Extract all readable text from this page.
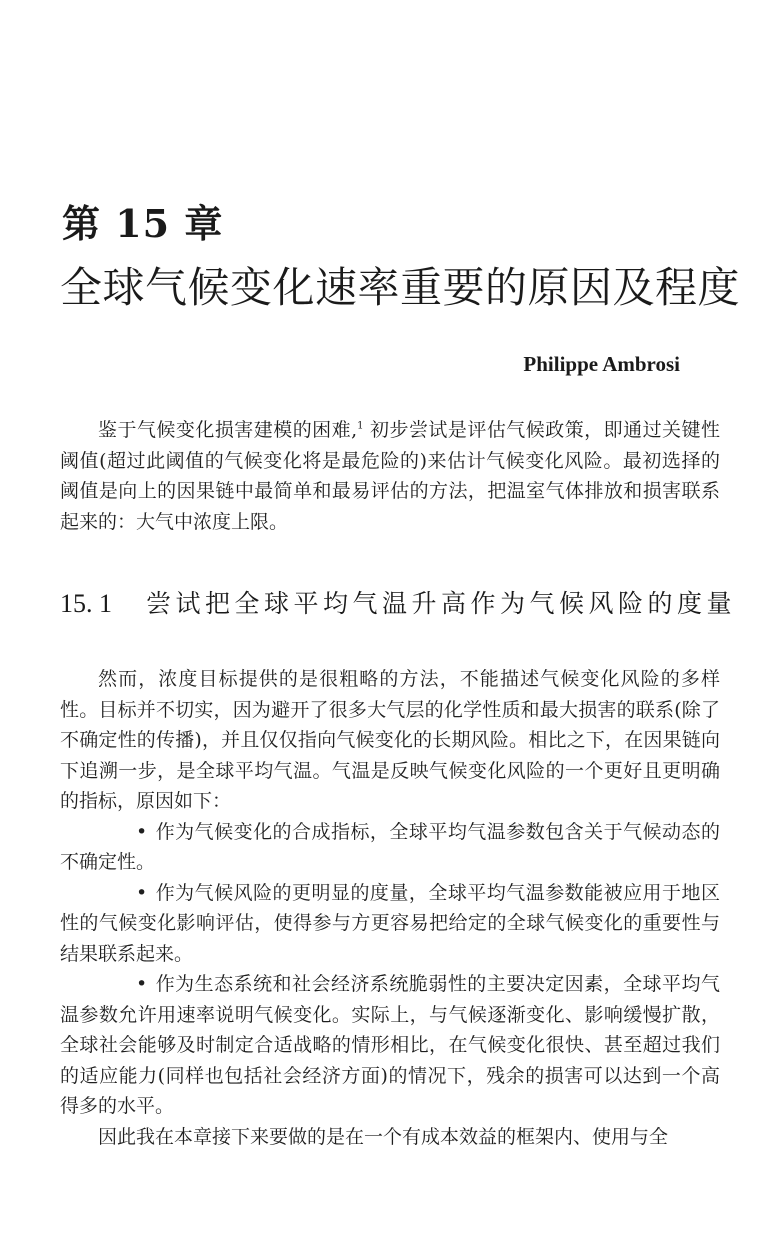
第 15 章
全球气候变化速率重要的原因及程度
Philippe Ambrosi

鉴于气候变化损害建模的困难,$^1$ 初步尝试是评估气候政策，即通过关键性阈值(超过此阈值的气候变化将是最危险的)来估计气候变化风险。最初选择的阈值是向上的因果链中最简单和最易评估的方法，把温室气体排放和损害联系起来的：大气中浓度上限。

15. 1 尝试把全球平均气温升高作为气候风险的度量

然而，浓度目标提供的是很粗略的方法，不能描述气候变化风险的多样性。目标并不切实，因为避开了很多大气层的化学性质和最大损害的联系(除了不确定性的传播)，并且仅仅指向气候变化的长期风险。相比之下，在因果链向下追溯一步，是全球平均气温。气温是反映气候变化风险的一个更好且更明确的指标，原因如下：

• 作为气候变化的合成指标，全球平均气温参数包含关于气候动态的不确定性。

• 作为气候风险的更明显的度量，全球平均气温参数能被应用于地区性的气候变化影响评估，使得参与方更容易把给定的全球气候变化的重要性与结果联系起来。

• 作为生态系统和社会经济系统脆弱性的主要决定因素，全球平均气温参数允许用速率说明气候变化。实际上，与气候逐渐变化、影响缓慢扩散，全球社会能够及时制定合适战略的情形相比，在气候变化很快、甚至超过我们的适应能力(同样也包括社会经济方面)的情况下，残余的损害可以达到一个高得多的水平。

因此我在本章接下来要做的是在一个有成本效益的框架内、使用与全
